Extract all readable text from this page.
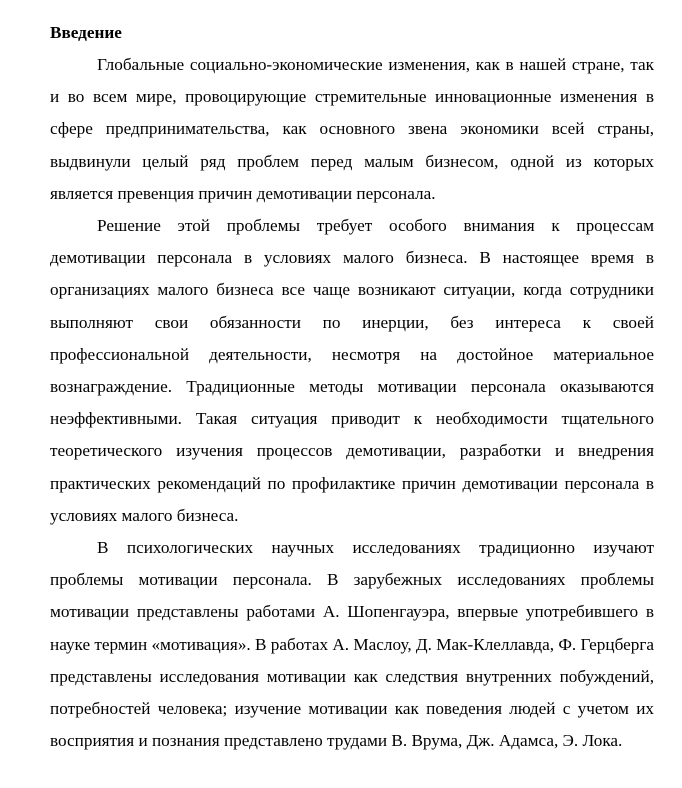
Введение

Глобальные социально-экономические изменения, как в нашей стране, так и во всем мире, провоцирующие стремительные инновационные изменения в сфере предпринимательства, как основного звена экономики всей страны, выдвинули целый ряд проблем перед малым бизнесом, одной из которых является превенция причин демотивации персонала.

Решение этой проблемы требует особого внимания к процессам демотивации персонала в условиях малого бизнеса. В настоящее время в организациях малого бизнеса все чаще возникают ситуации, когда сотрудники выполняют свои обязанности по инерции, без интереса к своей профессиональной деятельности, несмотря на достойное материальное вознаграждение. Традиционные методы мотивации персонала оказываются неэффективными. Такая ситуация приводит к необходимости тщательного теоретического изучения процессов демотивации, разработки и внедрения практических рекомендаций по профилактике причин демотивации персонала в условиях малого бизнеса.

В психологических научных исследованиях традиционно изучают проблемы мотивации персонала. В зарубежных исследованиях проблемы мотивации представлены работами А. Шопенгауэра, впервые употребившего в науке термин «мотивация». В работах А. Маслоу, Д. Мак-Клеллавда, Ф. Герцберга представлены исследования мотивации как следствия внутренних побуждений, потребностей человека; изучение мотивации как поведения людей с учетом их восприятия и познания представлено трудами В. Врума, Дж. Адамса, Э. Лока.
